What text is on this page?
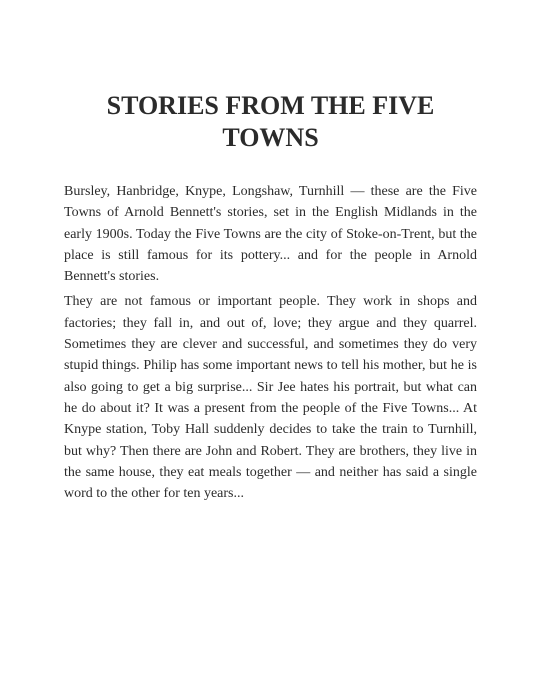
STORIES FROM THE FIVE TOWNS

Bursley, Hanbridge, Knype, Longshaw, Turnhill — these are the Five Towns of Arnold Bennett's stories, set in the English Midlands in the early 1900s. Today the Five Towns are the city of Stoke-on-Trent, but the place is still famous for its pottery... and for the people in Arnold Bennett's stories.

They are not famous or important people. They work in shops and factories; they fall in, and out of, love; they argue and they quarrel. Sometimes they are clever and successful, and sometimes they do very stupid things. Philip has some important news to tell his mother, but he is also going to get a big surprise... Sir Jee hates his portrait, but what can he do about it? It was a present from the people of the Five Towns... At Knype station, Toby Hall suddenly decides to take the train to Turnhill, but why? Then there are John and Robert. They are brothers, they live in the same house, they eat meals together — and neither has said a single word to the other for ten years...
